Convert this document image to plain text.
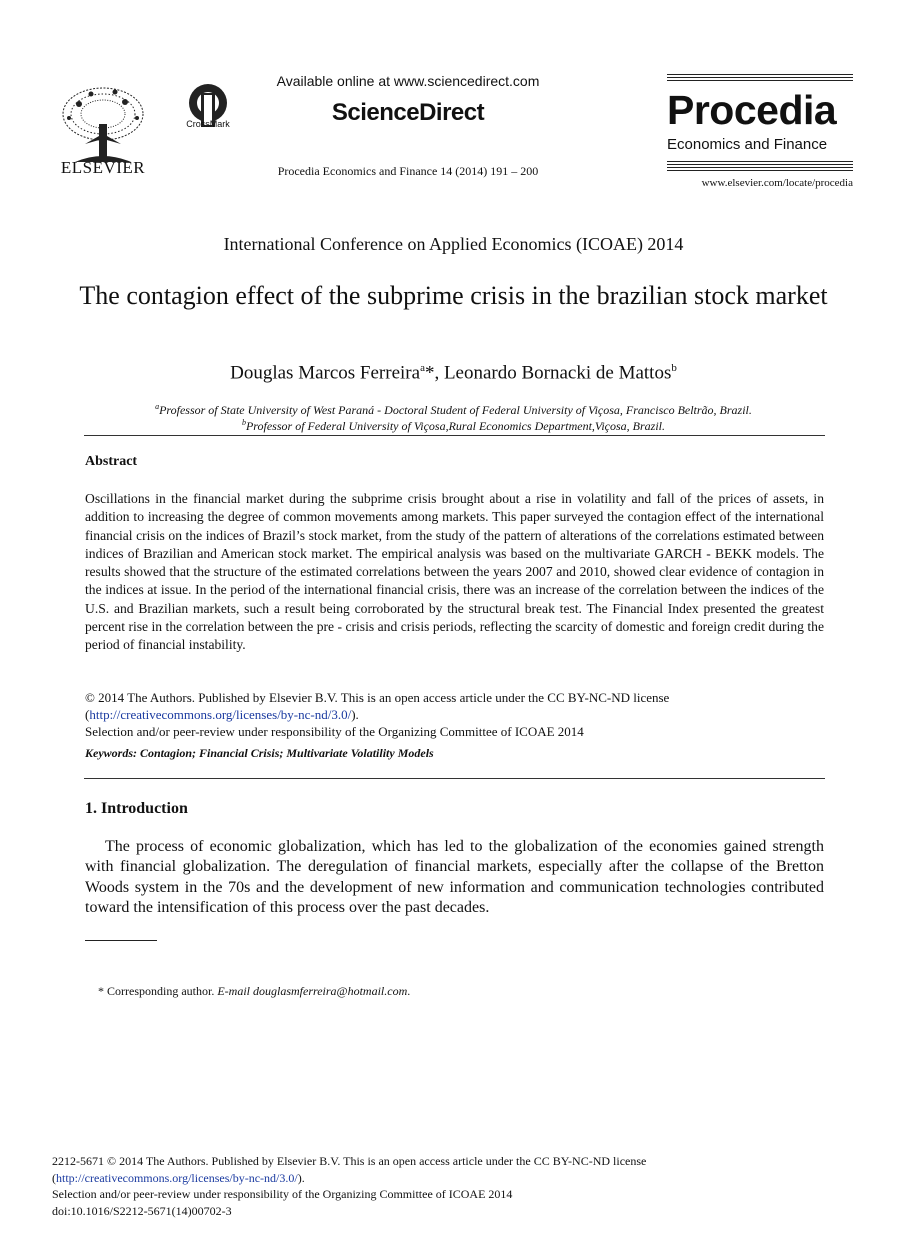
ELSEVIER
CrossMark
Available online at www.sciencedirect.com
ScienceDirect
Procedia Economics and Finance 14 (2014) 191 – 200
Procedia
Economics and Finance
www.elsevier.com/locate/procedia
International Conference on Applied Economics (ICOAE) 2014
The contagion effect of the subprime crisis in the brazilian stock market
Douglas Marcos Ferreira$^a$*, Leonardo Bornacki de Mattos$^b$
$^a$Professor of State University of West Paraná - Doctoral Student of Federal University of Viçosa, Francisco Beltrão, Brazil.
$^b$Professor of Federal University of Viçosa,Rural Economics Department,Viçosa, Brazil.
Abstract
Oscillations in the financial market during the subprime crisis brought about a rise in volatility and fall of the prices of assets, in addition to increasing the degree of common movements among markets. This paper surveyed the contagion effect of the international financial crisis on the indices of Brazil’s stock market, from the study of the pattern of alterations of the correlations estimated between indices of Brazilian and American stock market. The empirical analysis was based on the multivariate GARCH - BEKK models. The results showed that the structure of the estimated correlations between the years 2007 and 2010, showed clear evidence of contagion in the indices at issue. In the period of the international financial crisis, there was an increase of the correlation between the indices of the U.S. and Brazilian markets, such a result being corroborated by the structural break test. The Financial Index presented the greatest percent rise in the correlation between the pre - crisis and crisis periods, reflecting the scarcity of domestic and foreign credit during the period of financial instability.
© 2014 The Authors. Published by Elsevier B.V. This is an open access article under the CC BY-NC-ND license
(http://creativecommons.org/licenses/by-nc-nd/3.0/).
Selection and/or peer-review under responsibility of the Organizing Committee of ICOAE 2014
Keywords: Contagion; Financial Crisis; Multivariate Volatility Models
1. Introduction
The process of economic globalization, which has led to the globalization of the economies gained strength with financial globalization. The deregulation of financial markets, especially after the collapse of the Bretton Woods system in the 70s and the development of new information and communication technologies contributed toward the intensification of this process over the past decades.
* Corresponding author. E-mail douglasmferreira@hotmail.com.
2212-5671 © 2014 The Authors. Published by Elsevier B.V. This is an open access article under the CC BY-NC-ND license
(http://creativecommons.org/licenses/by-nc-nd/3.0/).
Selection and/or peer-review under responsibility of the Organizing Committee of ICOAE 2014
doi:10.1016/S2212-5671(14)00702-3
